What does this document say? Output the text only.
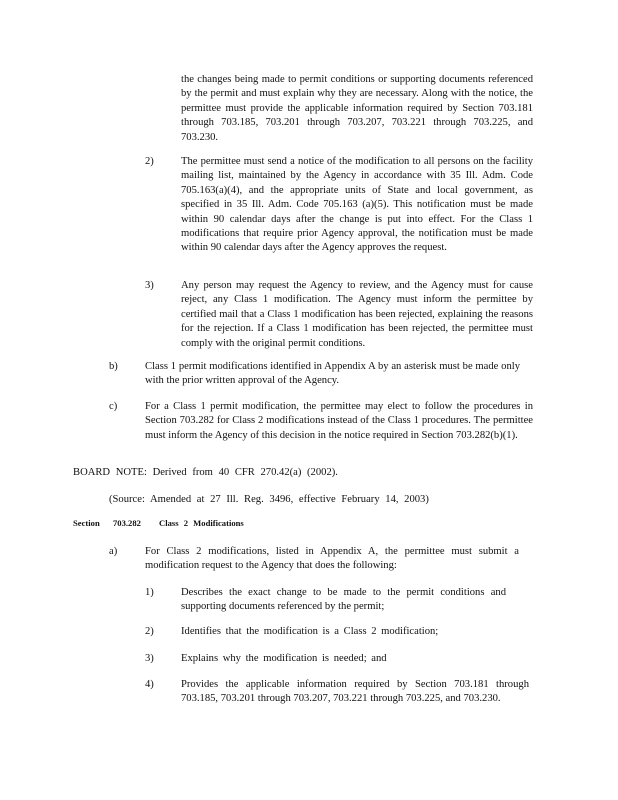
the changes being made to permit conditions or supporting documents referenced by the permit and must explain why they are necessary. Along with the notice, the permittee must provide the applicable information required by Section 703.181 through 703.185, 703.201 through 703.207, 703.221 through 703.225, and 703.230.

2)	The permittee must send a notice of the modification to all persons on the facility mailing list, maintained by the Agency in accordance with 35 Ill. Adm. Code 705.163(a)(4), and the appropriate units of State and local government, as specified in 35 Ill. Adm. Code 705.163 (a)(5). This notification must be made within 90 calendar days after the change is put into effect. For the Class 1 modifications that require prior Agency approval, the notification must be made within 90 calendar days after the Agency approves the request.

3)	Any person may request the Agency to review, and the Agency must for cause reject, any Class 1 modification. The Agency must inform the permittee by certified mail that a Class 1 modification has been rejected, explaining the reasons for the rejection. If a Class 1 modification has been rejected, the permittee must comply with the original permit conditions.

b)	Class 1 permit modifications identified in Appendix A by an asterisk must be made only with the prior written approval of the Agency.

c)	For a Class 1 permit modification, the permittee may elect to follow the procedures in Section 703.282 for Class 2 modifications instead of the Class 1 procedures. The permittee must inform the Agency of this decision in the notice required in Section 703.282(b)(1).

BOARD NOTE: Derived from 40 CFR 270.42(a) (2002).

(Source: Amended at 27 Ill. Reg. 3496, effective February 14, 2003)

Section 703.282 Class 2 Modifications
a)	For Class 2 modifications, listed in Appendix A, the permittee must submit a modification request to the Agency that does the following:

1)	Describes the exact change to be made to the permit conditions and supporting documents referenced by the permit;

2)	Identifies that the modification is a Class 2 modification;

3)	Explains why the modification is needed; and

4)	Provides the applicable information required by Section 703.181 through 703.185, 703.201 through 703.207, 703.221 through 703.225, and 703.230.
